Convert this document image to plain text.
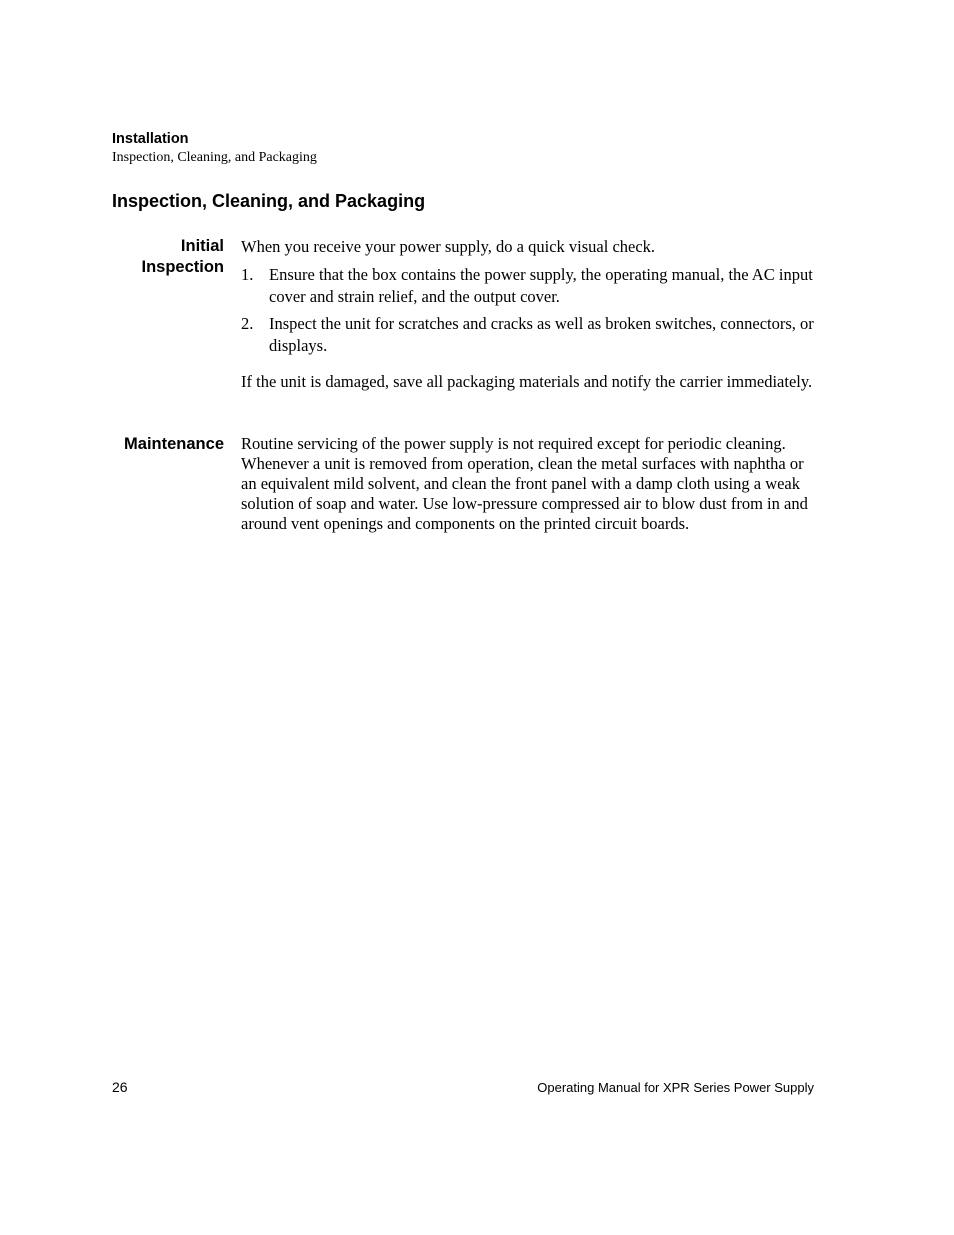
Installation
Inspection, Cleaning, and Packaging
Inspection, Cleaning, and Packaging
Initial
Inspection
When you receive your power supply, do a quick visual check.
1. Ensure that the box contains the power supply, the operating manual, the AC input cover and strain relief, and the output cover.
2. Inspect the unit for scratches and cracks as well as broken switches, connectors, or displays.
If the unit is damaged, save all packaging materials and notify the carrier immediately.
Maintenance Routine servicing of the power supply is not required except for periodic cleaning. Whenever a unit is removed from operation, clean the metal surfaces with naphtha or an equivalent mild solvent, and clean the front panel with a damp cloth using a weak solution of soap and water. Use low-pressure compressed air to blow dust from in and around vent openings and components on the printed circuit boards.
26	Operating Manual for XPR Series Power Supply
